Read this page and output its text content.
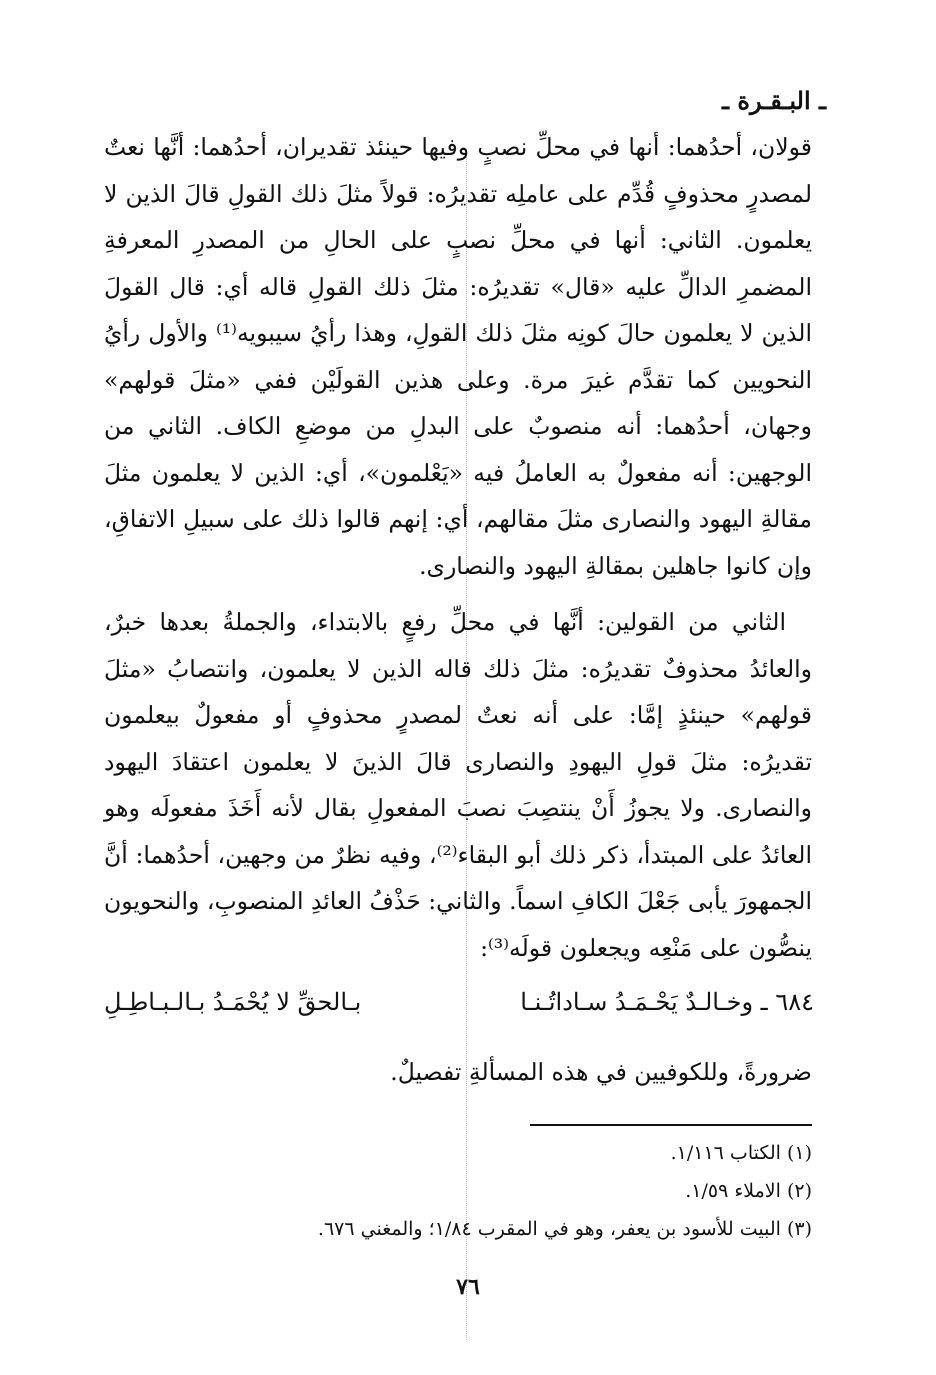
ـ البـقـرة ـ

قولان، أحدُهما: أنها في محلِّ نصبٍ وفيها حينئذ تقديران، أحدُهما: أنَّها نعتٌ لمصدرٍ محذوفٍ قُدِّم على عاملِه تقديرُه: قولاً مثلَ ذلك القولِ قالَ الذين لا يعلمون. الثاني: أنها في محلِّ نصبٍ على الحالِ من المصدرِ المعرفةِ المضمرِ الدالِّ عليه «قال» تقديرُه: مثلَ ذلك القولِ قاله أي: قال القولَ الذين لا يعلمون حالَ كونِه مثلَ ذلك القولِ، وهذا رأيُ سيبويه⁽¹⁾ والأول رأيُ النحويين كما تقدَّم غيرَ مرة. وعلى هذين القولَيْن ففي «مثلَ قولهم» وجهان، أحدُهما: أنه منصوبٌ على البدلِ من موضعِ الكاف. الثاني من الوجهين: أنه مفعولٌ به العاملُ فيه «يَعْلمون»، أي: الذين لا يعلمون مثلَ مقالةِ اليهود والنصارى مثلَ مقالهم، أي: إنهم قالوا ذلك على سبيلِ الاتفاقِ، وإن كانوا جاهلين بمقالةِ اليهود والنصارى.

الثاني من القولين: أنَّها في محلِّ رفعٍ بالابتداء، والجملةُ بعدها خبرٌ، والعائدُ محذوفٌ تقديرُه: مثلَ ذلك قاله الذين لا يعلمون، وانتصابُ «مثلَ قولهم» حينئذٍ إمَّا: على أنه نعتٌ لمصدرٍ محذوفٍ أو مفعولٌ بيعلمون تقديرُه: مثلَ قولِ اليهودِ والنصارى قالَ الذينَ لا يعلمون اعتقادَ اليهود والنصارى. ولا يجوزُ أَنْ ينتصِبَ نصبَ المفعولِ بقال لأنه أَخَذَ مفعولَه وهو العائدُ على المبتدأ، ذكر ذلك أبو البقاء⁽²⁾، وفيه نظرٌ من وجهين، أحدُهما: أنَّ الجمهورَ يأبى جَعْلَ الكافِ اسماً. والثاني: حَذْفُ العائدِ المنصوبِ، والنحويون ينصُّون على مَنْعِه ويجعلون قولَه⁽³⁾:

٦٨٤ ـ وخـالـدٌ يَحْـمَـدُ سـاداتُـنـا
بـالحقِّ لا يُحْمَـدُ بـالـبـاطِـلِ
ضرورةً، وللكوفيين في هذه المسألةِ تفصيلٌ.
(١) الكتاب ١/١١٦.
(٢) الاملاء ١/٥٩.
(٣) البيت للأسود بن يعفر، وهو في المقرب ١/٨٤؛ والمغني ٦٧٦.
٧٦
